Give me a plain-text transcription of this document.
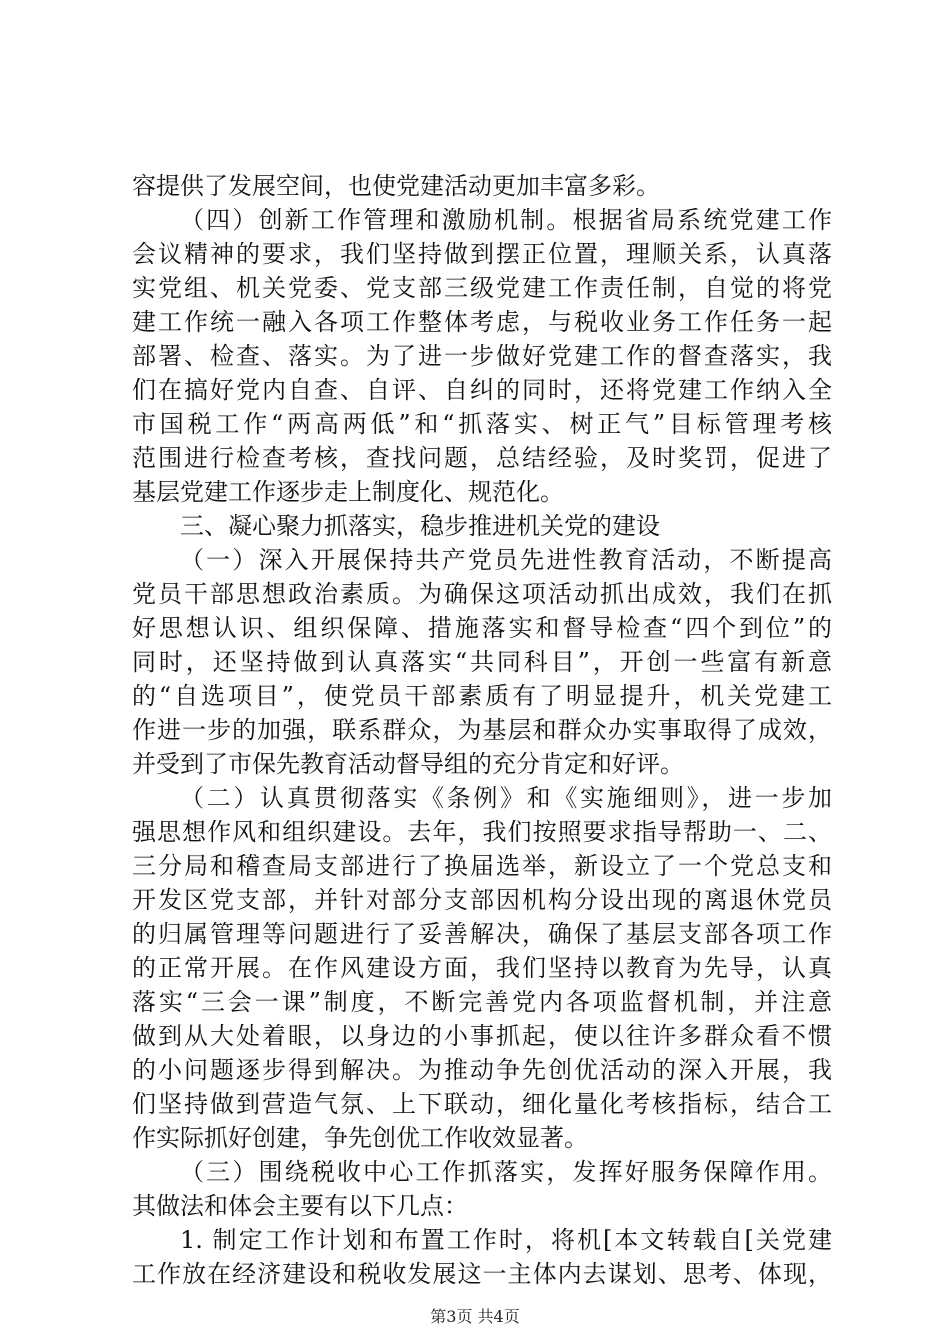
容提供了发展空间，也使党建活动更加丰富多彩。
（四）创新工作管理和激励机制。根据省局系统党建工作
会议精神的要求，我们坚持做到摆正位置，理顺关系，认真落
实党组、机关党委、党支部三级党建工作责任制，自觉的将党
建工作统一融入各项工作整体考虑，与税收业务工作任务一起
部署、检查、落实。为了进一步做好党建工作的督查落实，我
们在搞好党内自查、自评、自纠的同时，还将党建工作纳入全
市国税工作“两高两低”和“抓落实、树正气”目标管理考核
范围进行检查考核，查找问题，总结经验，及时奖罚，促进了
基层党建工作逐步走上制度化、规范化。
三、凝心聚力抓落实，稳步推进机关党的建设
（一）深入开展保持共产党员先进性教育活动，不断提高
党员干部思想政治素质。为确保这项活动抓出成效，我们在抓
好思想认识、组织保障、措施落实和督导检查“四个到位”的
同时，还坚持做到认真落实“共同科目”，开创一些富有新意
的“自选项目”，使党员干部素质有了明显提升，机关党建工
作进一步的加强，联系群众，为基层和群众办实事取得了成效，
并受到了市保先教育活动督导组的充分肯定和好评。
（二）认真贯彻落实《条例》和《实施细则》，进一步加
强思想作风和组织建设。去年，我们按照要求指导帮助一、二、
三分局和稽查局支部进行了换届选举，新设立了一个党总支和
开发区党支部，并针对部分支部因机构分设出现的离退休党员
的归属管理等问题进行了妥善解决，确保了基层支部各项工作
的正常开展。在作风建设方面，我们坚持以教育为先导，认真
落实“三会一课”制度，不断完善党内各项监督机制，并注意
做到从大处着眼，以身边的小事抓起，使以往许多群众看不惯
的小问题逐步得到解决。为推动争先创优活动的深入开展，我
们坚持做到营造气氛、上下联动，细化量化考核指标，结合工
作实际抓好创建，争先创优工作收效显著。
（三）围绕税收中心工作抓落实，发挥好服务保障作用。
其做法和体会主要有以下几点：
1. 制定工作计划和布置工作时，将机[本文转载自[关党建
工作放在经济建设和税收发展这一主体内去谋划、思考、体现，
第3页 共4页
